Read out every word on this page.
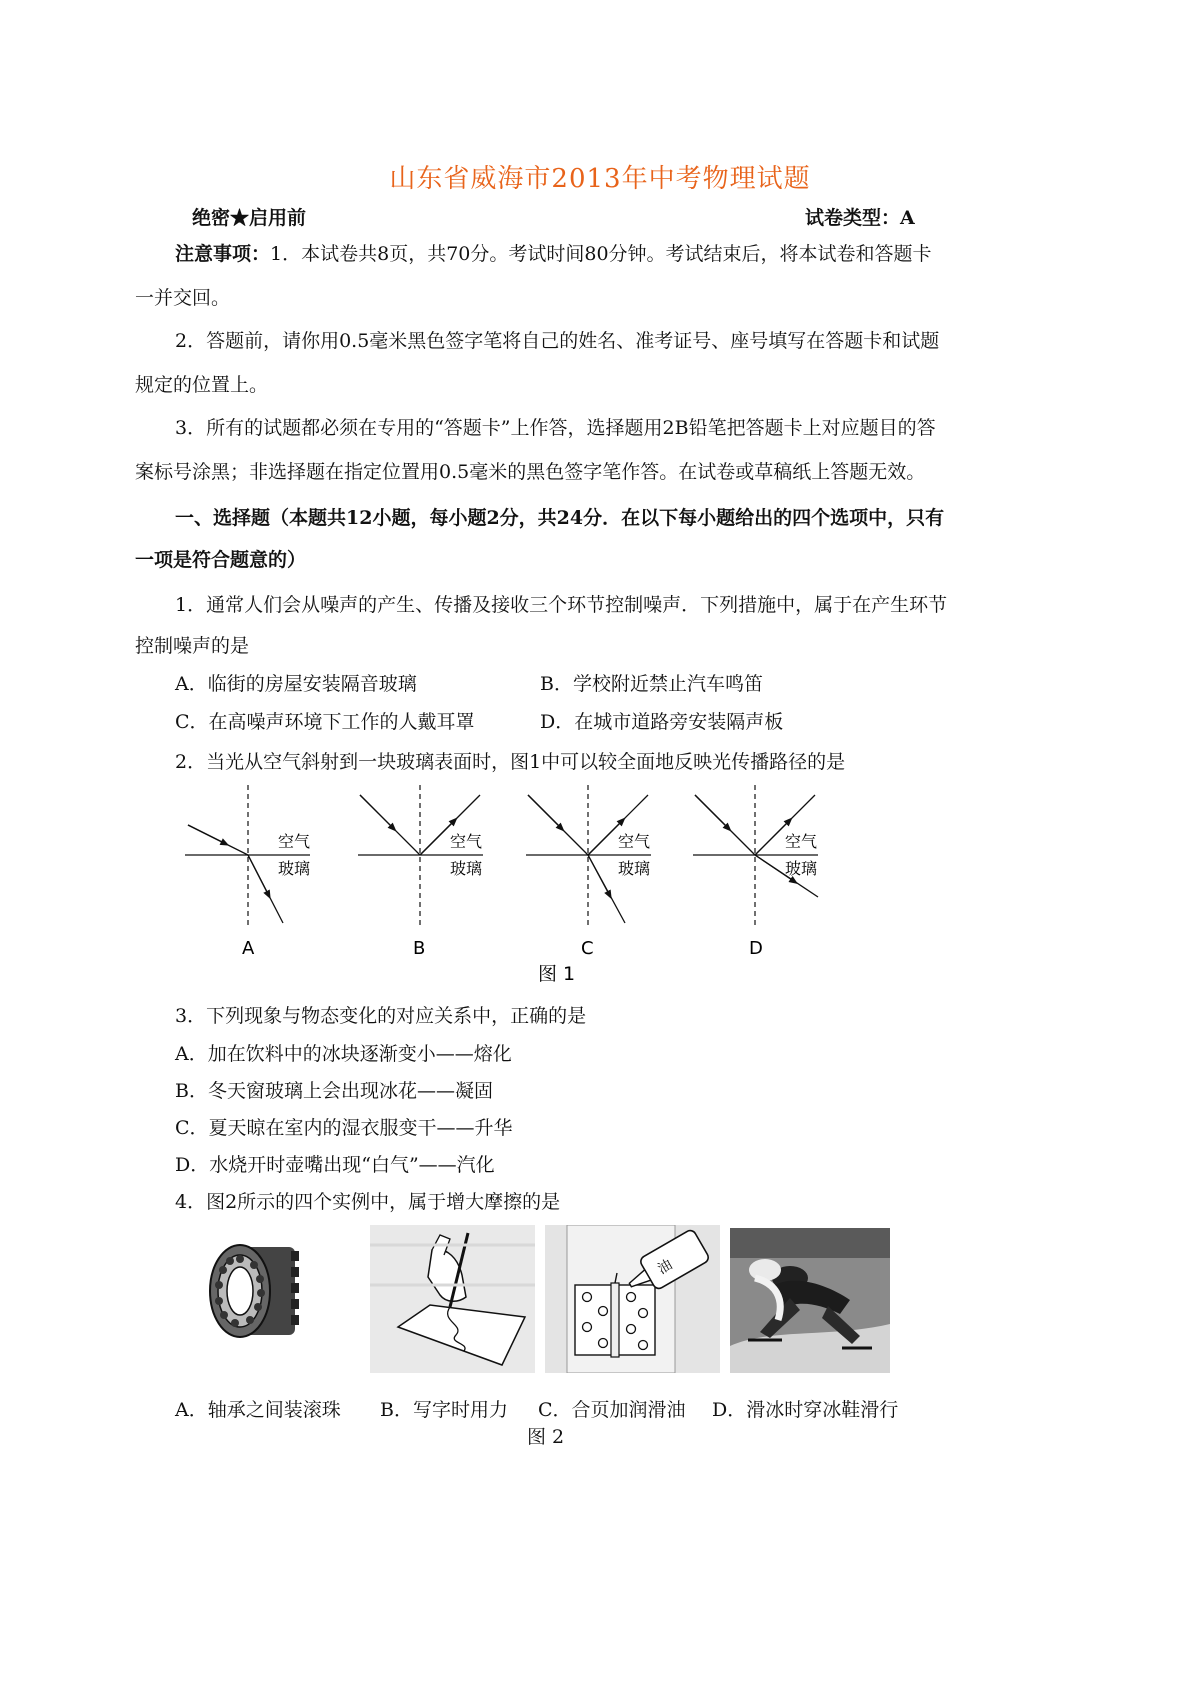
山东省威海市2013年中考物理试题
绝密★启用前	试卷类型：A
注意事项：1．本试卷共8页，共70分。考试时间80分钟。考试结束后，将本试卷和答题卡
一并交回。
2．答题前，请你用0.5毫米黑色签字笔将自己的姓名、准考证号、座号填写在答题卡和试题
规定的位置上。
3．所有的试题都必须在专用的“答题卡”上作答，选择题用2B铅笔把答题卡上对应题目的答
案标号涂黑；非选择题在指定位置用0.5毫米的黑色签字笔作答。在试卷或草稿纸上答题无效。
一、选择题（本题共12小题，每小题2分，共24分．在以下每小题给出的四个选项中，只有
一项是符合题意的）
1．通常人们会从噪声的产生、传播及接收三个环节控制噪声．下列措施中，属于在产生环节
控制噪声的是
A．临街的房屋安装隔音玻璃	B．学校附近禁止汽车鸣笛
C．在高噪声环境下工作的人戴耳罩	D．在城市道路旁安装隔声板
2．当光从空气斜射到一块玻璃表面时，图1中可以较全面地反映光传播路径的是
空气
玻璃
A
空气
玻璃
B
空气
玻璃
C
空气
玻璃
D
图 1
3．下列现象与物态变化的对应关系中，正确的是
A．加在饮料中的冰块逐渐变小——熔化
B．冬天窗玻璃上会出现冰花——凝固
C．夏天晾在室内的湿衣服变干——升华
D．水烧开时壶嘴出现“白气”——汽化
4．图2所示的四个实例中，属于增大摩擦的是
油
A．轴承之间装滚珠 B．写字时用力 C．合页加润滑油 D．滑冰时穿冰鞋滑行
图 2
